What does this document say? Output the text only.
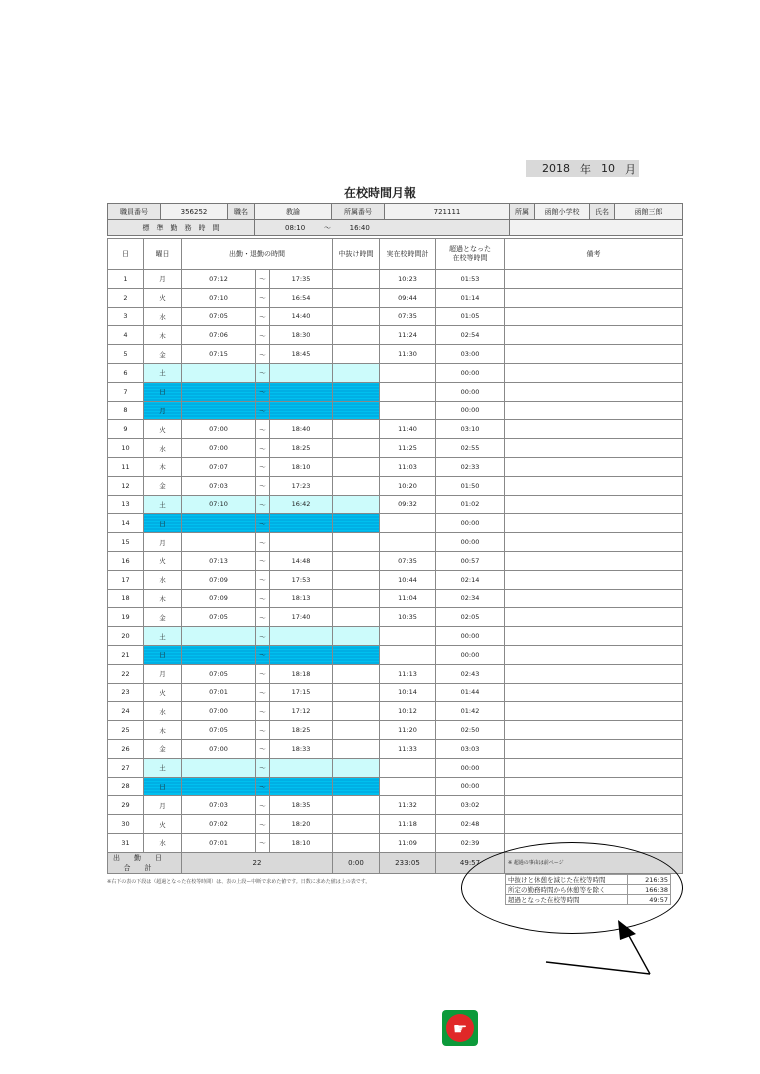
2018 年 10 月
在校時間月報
職員番号	356252	職名	教諭	所属番号	721111	所属	函館小学校	氏名	函館三郎
標　準　勤　務　時　間			08:10 ～ 16:40						
日	曜日	出勤・退勤の時間			中抜け時間	実在校時間計	超過となった
在校等時間	備考
1	月	07:12	～	17:35		10:23	01:53	
2	火	07:10	～	16:54		09:44	01:14	
3	水	07:05	～	14:40		07:35	01:05	
4	木	07:06	～	18:30		11:24	02:54	
5	金	07:15	～	18:45		11:30	03:00	
6	土		～				00:00	
7	日		～				00:00	
8	月		～				00:00	
9	火	07:00	～	18:40		11:40	03:10	
10	水	07:00	～	18:25		11:25	02:55	
11	木	07:07	～	18:10		11:03	02:33	
12	金	07:03	～	17:23		10:20	01:50	
13	土	07:10	～	16:42		09:32	01:02	
14	日		～				00:00	
15	月		～				00:00	
16	火	07:13	～	14:48		07:35	00:57	
17	水	07:09	～	17:53		10:44	02:14	
18	木	07:09	～	18:13		11:04	02:34	
19	金	07:05	～	17:40		10:35	02:05	
20	土		～				00:00	
21	日		～				00:00	
22	月	07:05	～	18:18		11:13	02:43	
23	火	07:01	～	17:15		10:14	01:44	
24	水	07:00	～	17:12		10:12	01:42	
25	木	07:05	～	18:25		11:20	02:50	
26	金	07:00	～	18:33		11:33	03:03	
27	土		～				00:00	
28	日		～				00:00	
29	月	07:03	～	18:35		11:32	03:02	
30	火	07:02	～	18:20		11:18	02:48	
31	水	07:01	～	18:10		11:09	02:39	
出勤日合計		22			0:00	233:05	49:57	※ 超過の事由は前ページ
※右下の表の下段は（超過となった在校等時間）は、表の上段ー中断で求めた値です。日数に求めた値は上の表です。	中抜けと休憩を減じた在校等時間	216:35
所定の勤務時間から休憩等を除く	166:38
超過となった在校等時間	49:57
☛
